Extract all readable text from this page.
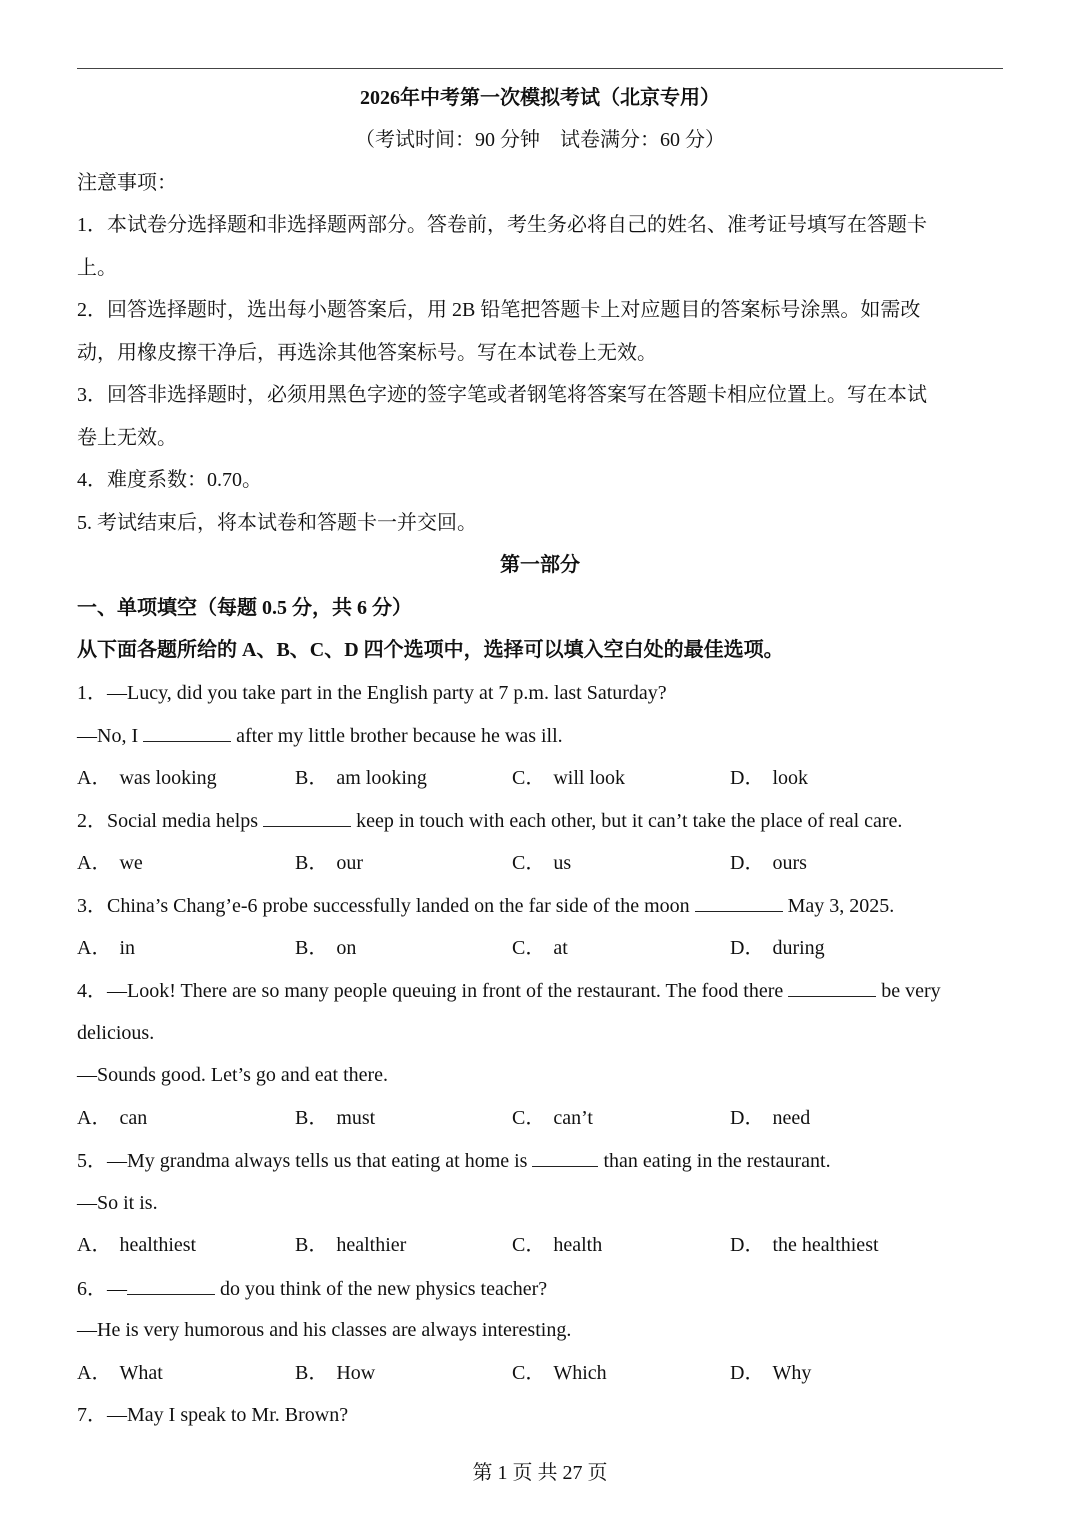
2026年中考第一次模拟考试（北京专用）
（考试时间：90 分钟　试卷满分：60 分）
注意事项：
1．本试卷分选择题和非选择题两部分。答卷前，考生务必将自己的姓名、准考证号填写在答题卡
上。
2．回答选择题时，选出每小题答案后，用 2B 铅笔把答题卡上对应题目的答案标号涂黑。如需改
动，用橡皮擦干净后，再选涂其他答案标号。写在本试卷上无效。
3．回答非选择题时，必须用黑色字迹的签字笔或者钢笔将答案写在答题卡相应位置上。写在本试
卷上无效。
4．难度系数：0.70。
5. 考试结束后，将本试卷和答题卡一并交回。
第一部分
一、单项填空（每题 0.5 分，共 6 分）
从下面各题所给的 A、B、C、D 四个选项中，选择可以填入空白处的最佳选项。
1．—Lucy, did you take part in the English party at 7 p.m. last Saturday?
—No, I	after my little brother because he was ill.
A． was looking	B． am looking	C． will look	D． look
2．Social media helps	keep in touch with each other, but it can’t take the place of real care.
A． we	B． our	C． us	D． ours
3．China’s Chang’e-6 probe successfully landed on the far side of the moon	May 3, 2025.
A． in	B． on	C． at	D． during
4．—Look! There are so many people queuing in front of the restaurant. The food there	be very
delicious.
—Sounds good. Let’s go and eat there.
A． can	B． must	C． can’t	D． need
5．—My grandma always tells us that eating at home is	than eating in the restaurant.
—So it is.
A． healthiest	B． healthier	C． health	D． the healthiest
6．—	do you think of the new physics teacher?
—He is very humorous and his classes are always interesting.
A． What	B． How	C． Which	D． Why
7．—May I speak to Mr. Brown?
第 1 页 共 27 页
